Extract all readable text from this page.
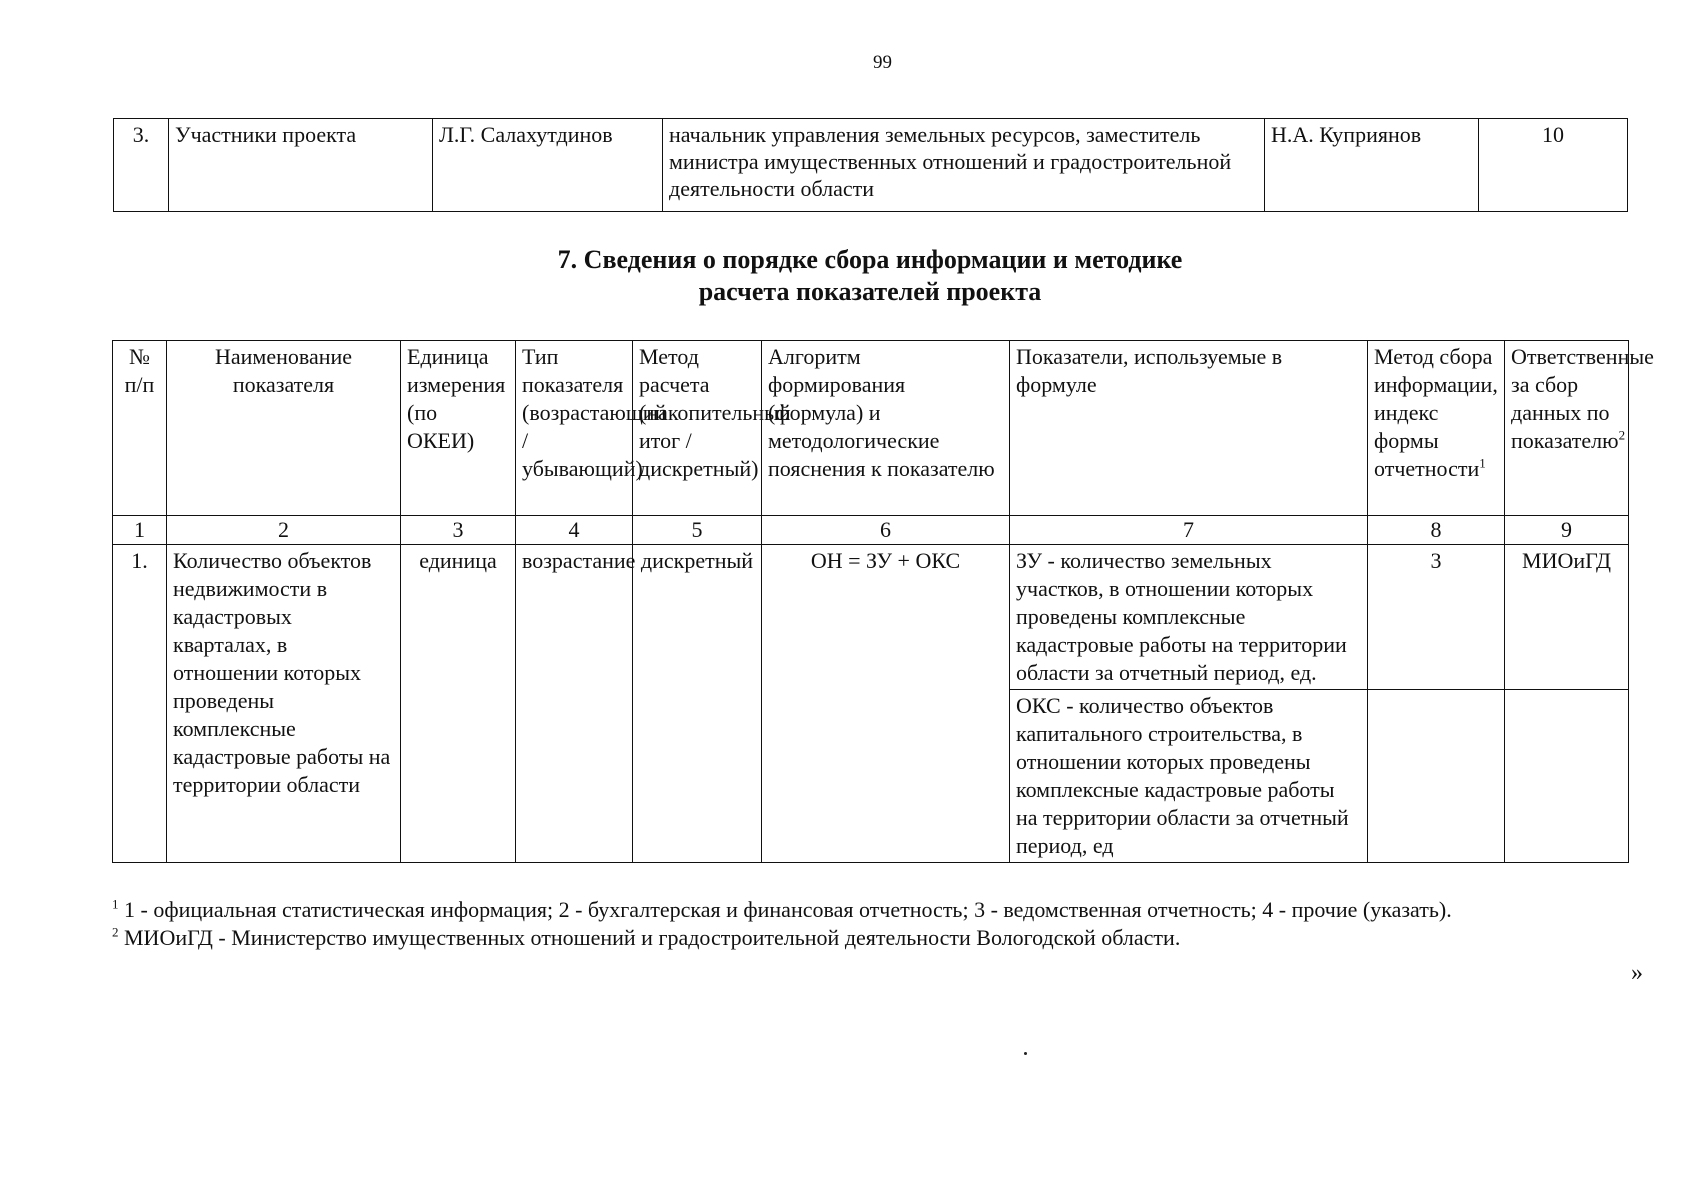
99
3.	Участники проекта	Л.Г. Салахутдинов	начальник управления земельных ресурсов, заместитель министра имущественных отношений и градостроительной деятельности области	Н.А. Куприянов	10
7. Сведения о порядке сбора информации и методике
расчета показателей проекта
№ п/п	Наименование показателя	Единица измерения (по ОКЕИ)	Тип показателя (возрастающий / убывающий)	Метод расчета (накопительный итог / дискретный)	Алгоритм формирования (формула) и методологические пояснения к показателю	Показатели, используемые в формуле	Метод сбора информации, индекс формы отчетности$^1$	Ответственные за сбор данных по показателю$^2$
1	2	3	4	5	6	7	8	9
1.	Количество объектов недвижимости в кадастровых кварталах, в отношении которых проведены комплексные кадастровые работы на территории области	единица	возрастание	дискретный	ОН = ЗУ + ОКС	ЗУ - количество земельных участков, в отношении которых проведены комплексные кадастровые работы на территории области за отчетный период, ед.	3	МИОиГД
						ОКС - количество объектов капитального строительства, в отношении которых проведены комплексные кадастровые работы на территории области за отчетный период, ед		
$^1$ 1 - официальная статистическая информация; 2 - бухгалтерская и финансовая отчетность; 3 - ведомственная отчетность; 4 - прочие (указать).
$^2$ МИОиГД - Министерство имущественных отношений и градостроительной деятельности Вологодской области.
»
